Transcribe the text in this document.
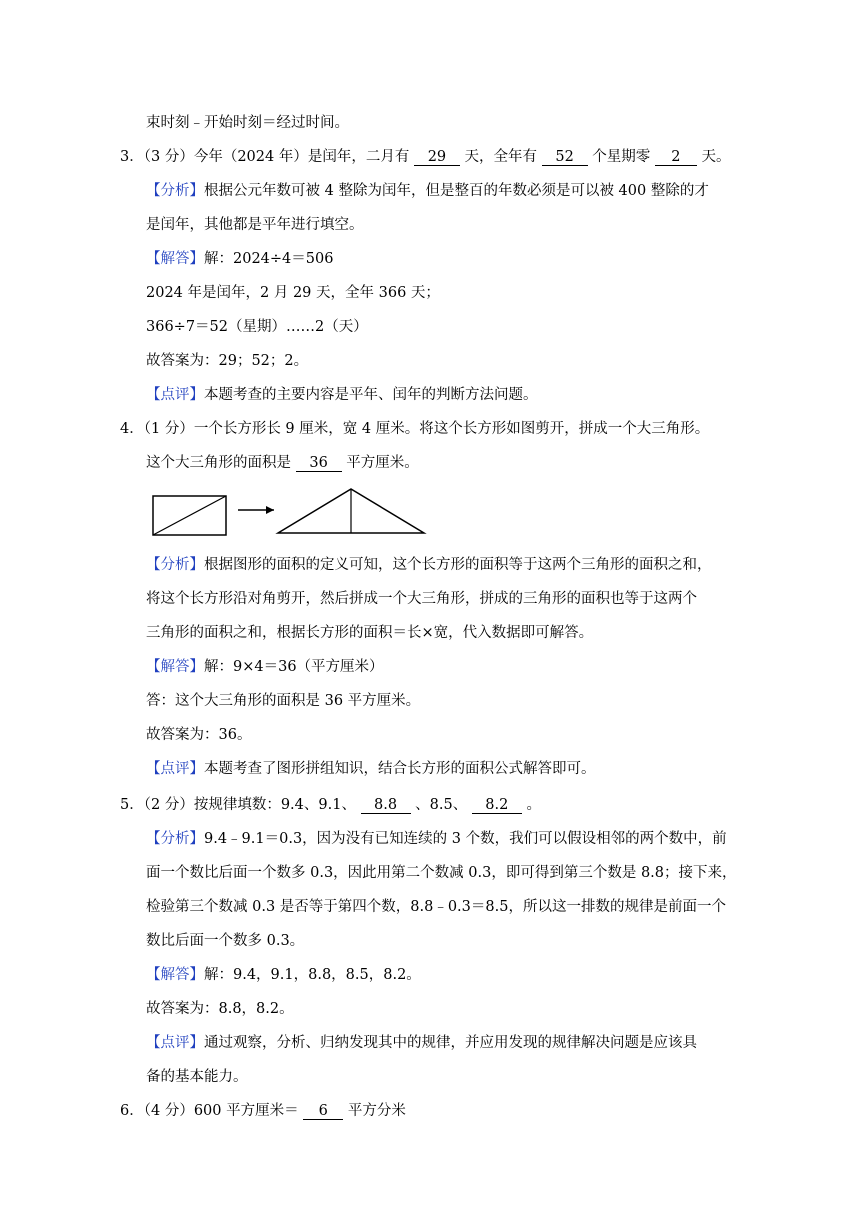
束时刻﹣开始时刻＝经过时间。
3．（3 分）今年（2024 年）是闰年，二月有 29 天，全年有 52 个星期零 2 天。
【分析】根据公元年数可被 4 整除为闰年，但是整百的年数必须是可以被 400 整除的才
是闰年，其他都是平年进行填空。
【解答】解：2024÷4＝506
2024 年是闰年，2 月 29 天，全年 366 天；
366÷7＝52（星期）……2（天）
故答案为：29；52；2。
【点评】本题考查的主要内容是平年、闰年的判断方法问题。
4．（1 分）一个长方形长 9 厘米，宽 4 厘米。将这个长方形如图剪开，拼成一个大三角形。
这个大三角形的面积是 36 平方厘米。
【分析】根据图形的面积的定义可知，这个长方形的面积等于这两个三角形的面积之和，
将这个长方形沿对角剪开，然后拼成一个大三角形，拼成的三角形的面积也等于这两个
三角形的面积之和，根据长方形的面积＝长×宽，代入数据即可解答。
【解答】解：9×4＝36（平方厘米）
答：这个大三角形的面积是 36 平方厘米。
故答案为：36。
【点评】本题考查了图形拼组知识，结合长方形的面积公式解答即可。
5．（2 分）按规律填数：9.4、9.1、 8.8 、8.5、 8.2 。
【分析】9.4﹣9.1＝0.3，因为没有已知连续的 3 个数，我们可以假设相邻的两个数中，前
面一个数比后面一个数多 0.3，因此用第二个数减 0.3，即可得到第三个数是 8.8；接下来，
检验第三个数减 0.3 是否等于第四个数，8.8﹣0.3＝8.5，所以这一排数的规律是前面一个
数比后面一个数多 0.3。
【解答】解：9.4，9.1，8.8，8.5，8.2。
故答案为：8.8，8.2。
【点评】通过观察，分析、归纳发现其中的规律，并应用发现的规律解决问题是应该具
备的基本能力。
6．（4 分）600 平方厘米＝ 6 平方分米
